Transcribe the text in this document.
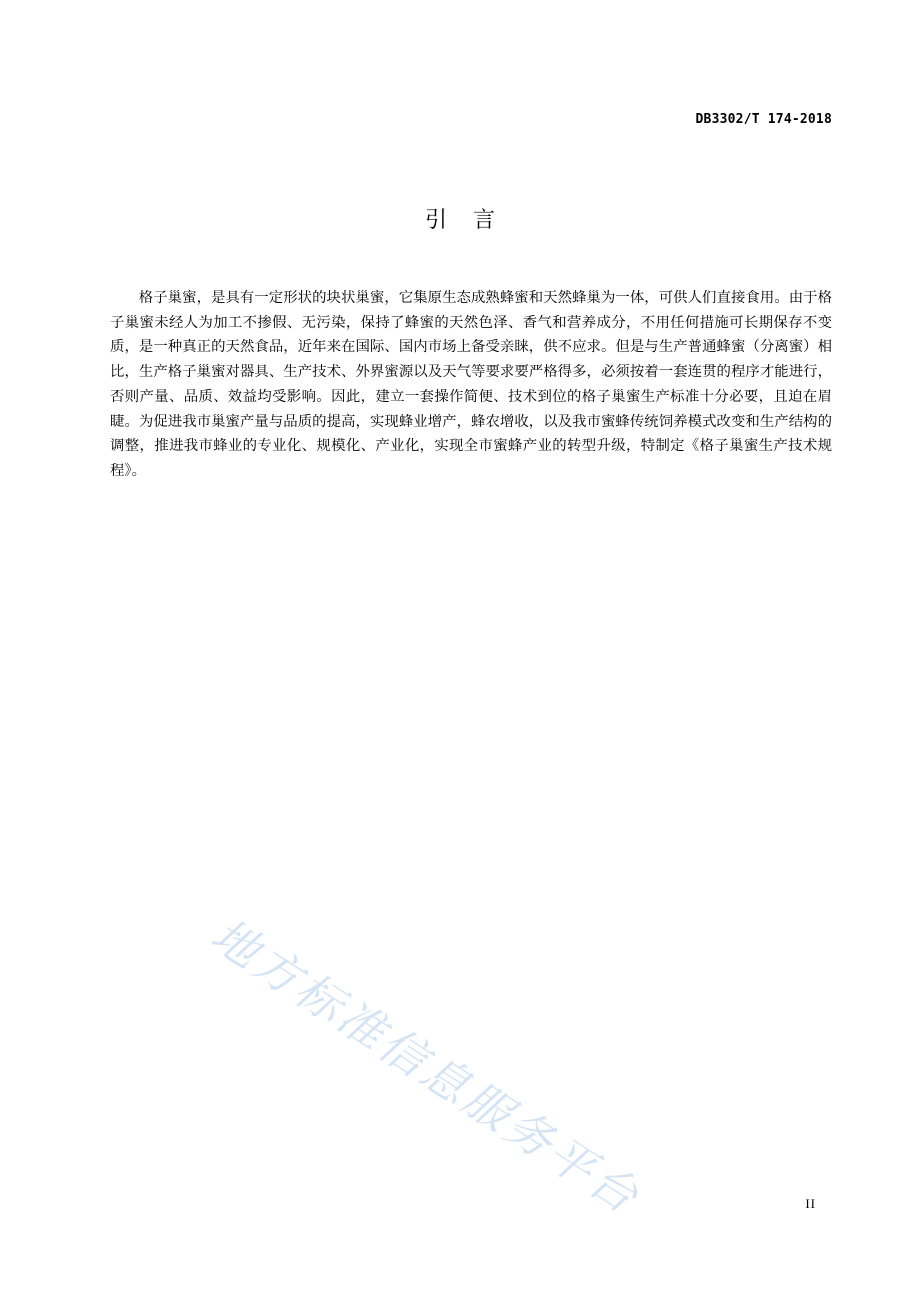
DB3302/T 174-2018
引言

格子巢蜜，是具有一定形状的块状巢蜜，它集原生态成熟蜂蜜和天然蜂巢为一体，可供人们直接食用。由于格子巢蜜未经人为加工不掺假、无污染，保持了蜂蜜的天然色泽、香气和营养成分，不用任何措施可长期保存不变质，是一种真正的天然食品，近年来在国际、国内市场上备受亲睐，供不应求。但是与生产普通蜂蜜（分离蜜）相比，生产格子巢蜜对器具、生产技术、外界蜜源以及天气等要求要严格得多，必须按着一套连贯的程序才能进行，否则产量、品质、效益均受影响。因此，建立一套操作简便、技术到位的格子巢蜜生产标准十分必要，且迫在眉睫。为促进我市巢蜜产量与品质的提高，实现蜂业增产，蜂农增收，以及我市蜜蜂传统饲养模式改变和生产结构的调整，推进我市蜂业的专业化、规模化、产业化，实现全市蜜蜂产业的转型升级，特制定《格子巢蜜生产技术规程》。

地方标准信息服务平台	II
